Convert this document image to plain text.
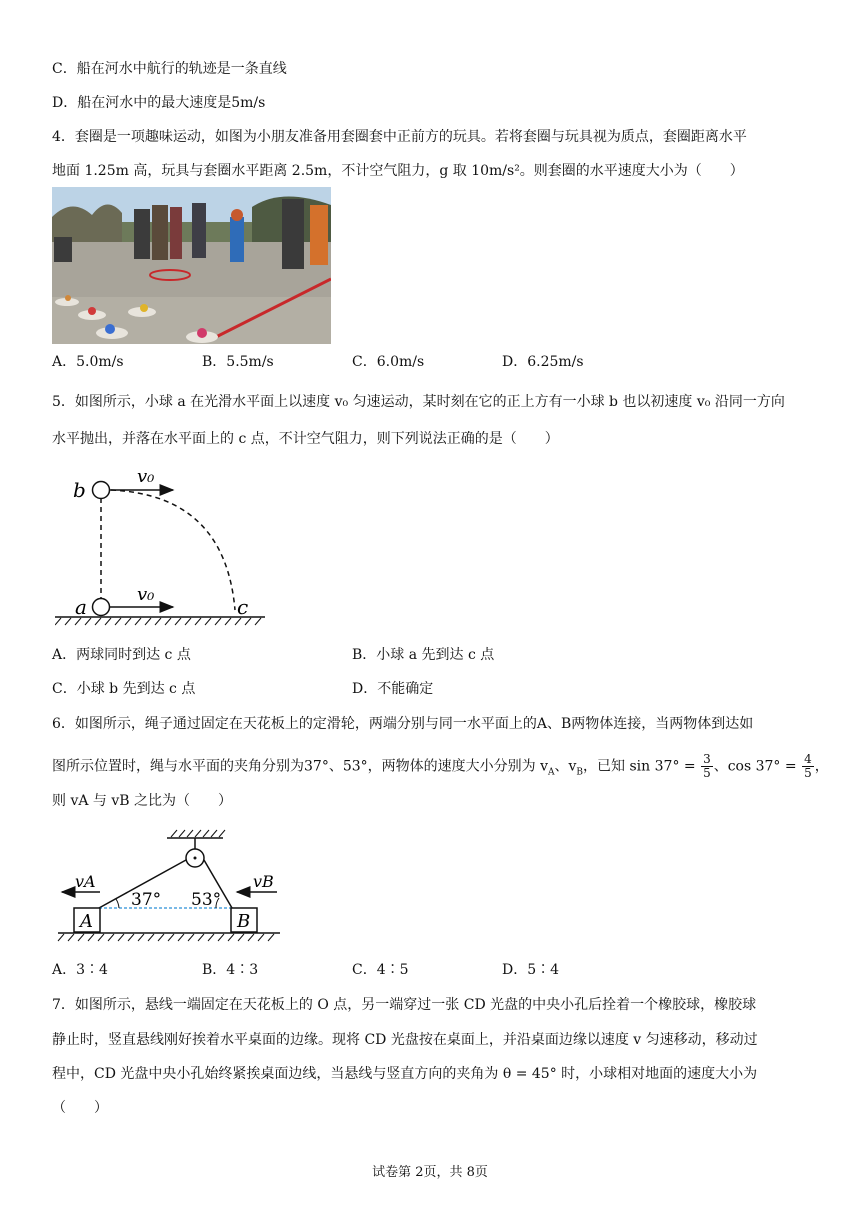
C．船在河水中航行的轨迹是一条直线
D．船在河水中的最大速度是5m/s
4．套圈是一项趣味运动，如图为小朋友准备用套圈套中正前方的玩具。若将套圈与玩具视为质点，套圈距离水平
地面 1.25m 高，玩具与套圈水平距离 2.5m，不计空气阻力，g 取 10m/s²。则套圈的水平速度大小为（　　）
A．5.0m/s	B．5.5m/s	C．6.0m/s	D．6.25m/s
5．如图所示，小球 a 在光滑水平面上以速度 v₀ 匀速运动，某时刻在它的正上方有一小球 b 也以初速度 v₀ 沿同一方向
水平抛出，并落在水平面上的 c 点，不计空气阻力，则下列说法正确的是（　　）
b
a	c
v₀
v₀
A．两球同时到达 c 点	B．小球 a 先到达 c 点
C．小球 b 先到达 c 点	D．不能确定
6．如图所示，绳子通过固定在天花板上的定滑轮，两端分别与同一水平面上的A、B两物体连接，当两物体到达如
图所示位置时，绳与水平面的夹角分别为37°、53°，两物体的速度大小分别为 $v_A$、$v_B$，已知 $\sin 37^\circ = \frac{3}{5}$ 、$\cos 37^\circ = \frac{4}{5}$ ，
则 vA 与 vB 之比为（　　）
vA	vB
37° 53°
A	B
A．3∶4	B．4∶3	C．4∶5	D．5∶4
7．如图所示，悬线一端固定在天花板上的 O 点，另一端穿过一张 CD 光盘的中央小孔后拴着一个橡胶球，橡胶球
静止时，竖直悬线刚好挨着水平桌面的边缘。现将 CD 光盘按在桌面上，并沿桌面边缘以速度 v 匀速移动，移动过
程中，CD 光盘中央小孔始终紧挨桌面边线，当悬线与竖直方向的夹角为 θ = 45° 时，小球相对地面的速度大小为
（　　）
试卷第 2页，共 8页
